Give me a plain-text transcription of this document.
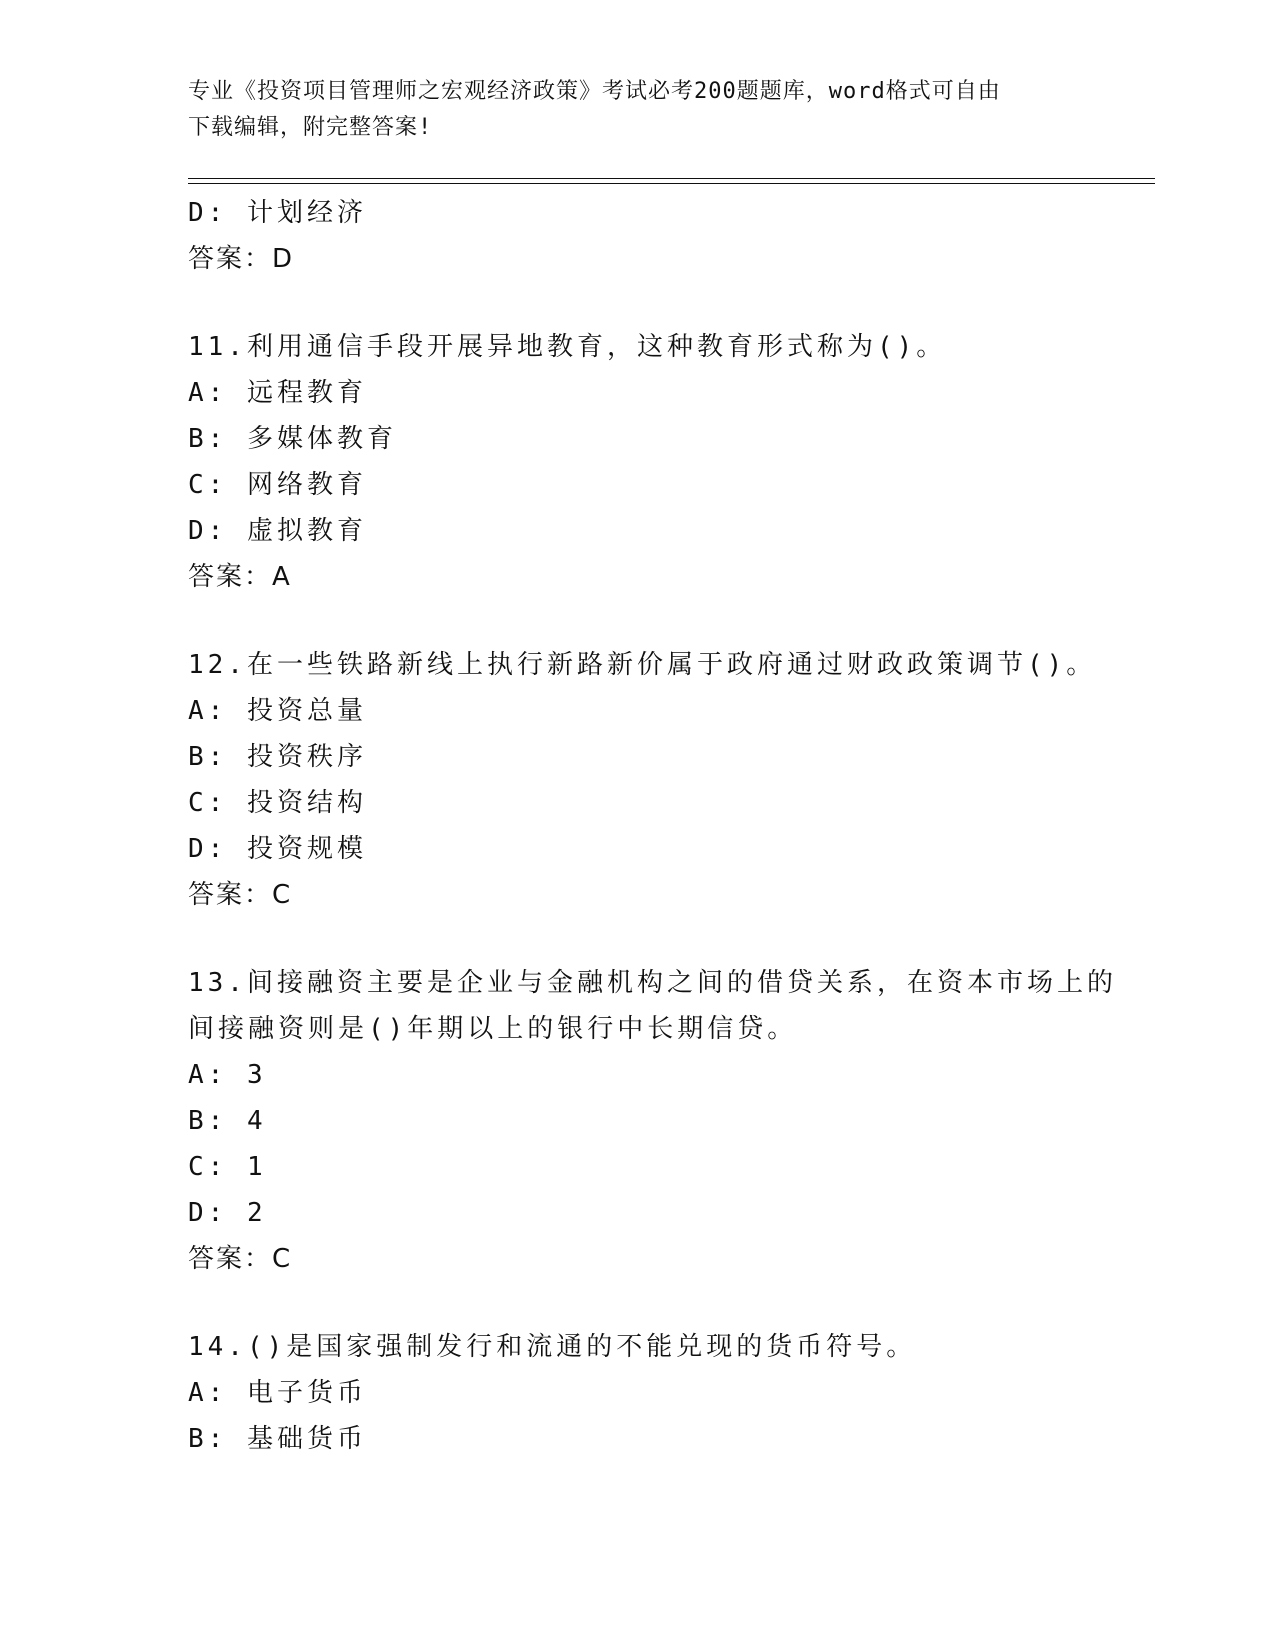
专业《投资项目管理师之宏观经济政策》考试必考200题题库，word格式可自由
下载编辑，附完整答案!
D: 计划经济
答案：D
11.利用通信手段开展异地教育，这种教育形式称为()。
A: 远程教育
B: 多媒体教育
C: 网络教育
D: 虚拟教育
答案：A
12.在一些铁路新线上执行新路新价属于政府通过财政政策调节()。
A: 投资总量
B: 投资秩序
C: 投资结构
D: 投资规模
答案：C
13.间接融资主要是企业与金融机构之间的借贷关系，在资本市场上的
间接融资则是()年期以上的银行中长期信贷。
A: 3
B: 4
C: 1
D: 2
答案：C
14.()是国家强制发行和流通的不能兑现的货币符号。
A: 电子货币
B: 基础货币
